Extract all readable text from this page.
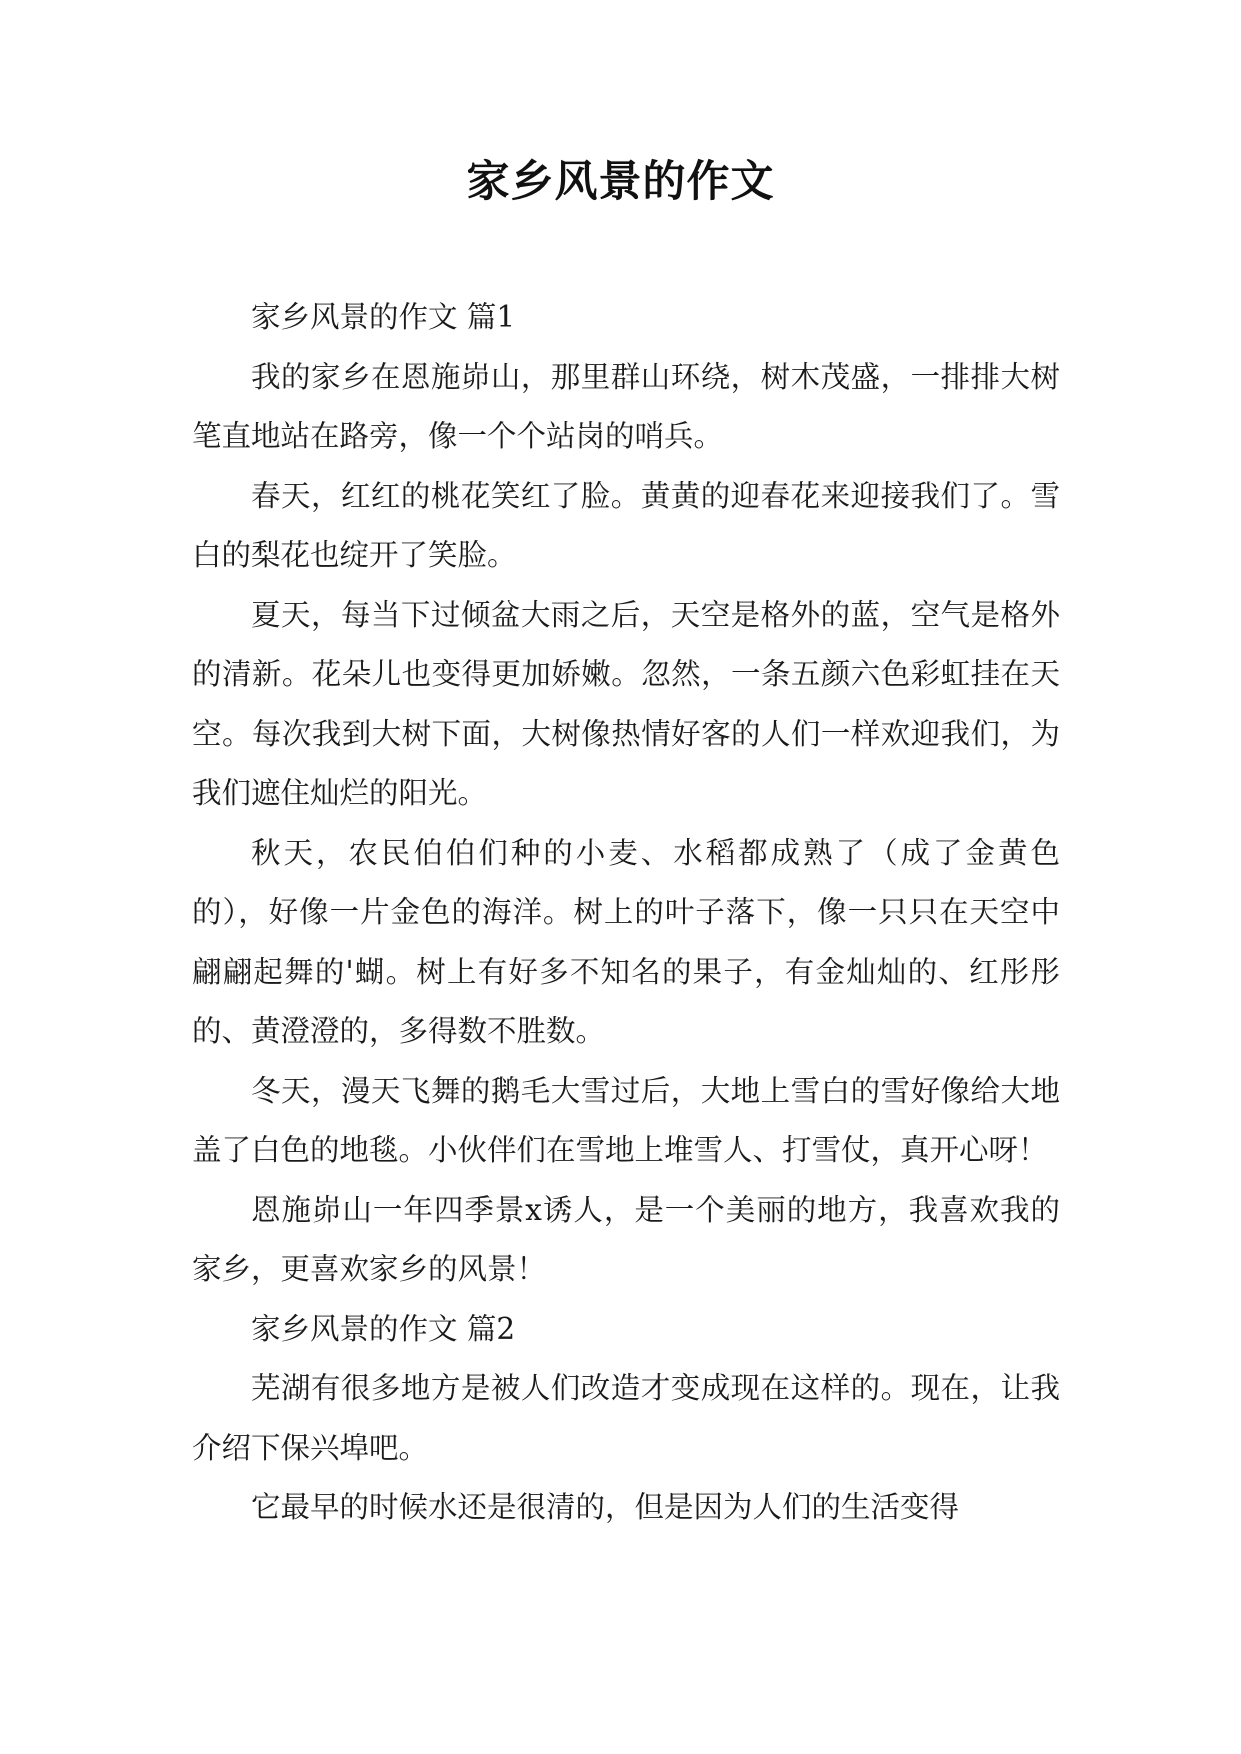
家乡风景的作文

家乡风景的作文 篇1

我的家乡在恩施峁山，那里群山环绕，树木茂盛，一排排大树笔直地站在路旁，像一个个站岗的哨兵。

春天，红红的桃花笑红了脸。黄黄的迎春花来迎接我们了。雪白的梨花也绽开了笑脸。

夏天，每当下过倾盆大雨之后，天空是格外的蓝，空气是格外的清新。花朵儿也变得更加娇嫩。忽然，一条五颜六色彩虹挂在天空。每次我到大树下面，大树像热情好客的人们一样欢迎我们，为我们遮住灿烂的阳光。

秋天，农民伯伯们种的小麦、水稻都成熟了（成了金黄色的），好像一片金色的海洋。树上的叶子落下，像一只只在天空中翩翩起舞的'蝴。树上有好多不知名的果子，有金灿灿的、红彤彤的、黄澄澄的，多得数不胜数。

冬天，漫天飞舞的鹅毛大雪过后，大地上雪白的雪好像给大地盖了白色的地毯。小伙伴们在雪地上堆雪人、打雪仗，真开心呀！

恩施峁山一年四季景x诱人，是一个美丽的地方，我喜欢我的家乡，更喜欢家乡的风景！

家乡风景的作文 篇2

芜湖有很多地方是被人们改造才变成现在这样的。现在，让我介绍下保兴埠吧。

它最早的时候水还是很清的，但是因为人们的生活变得
